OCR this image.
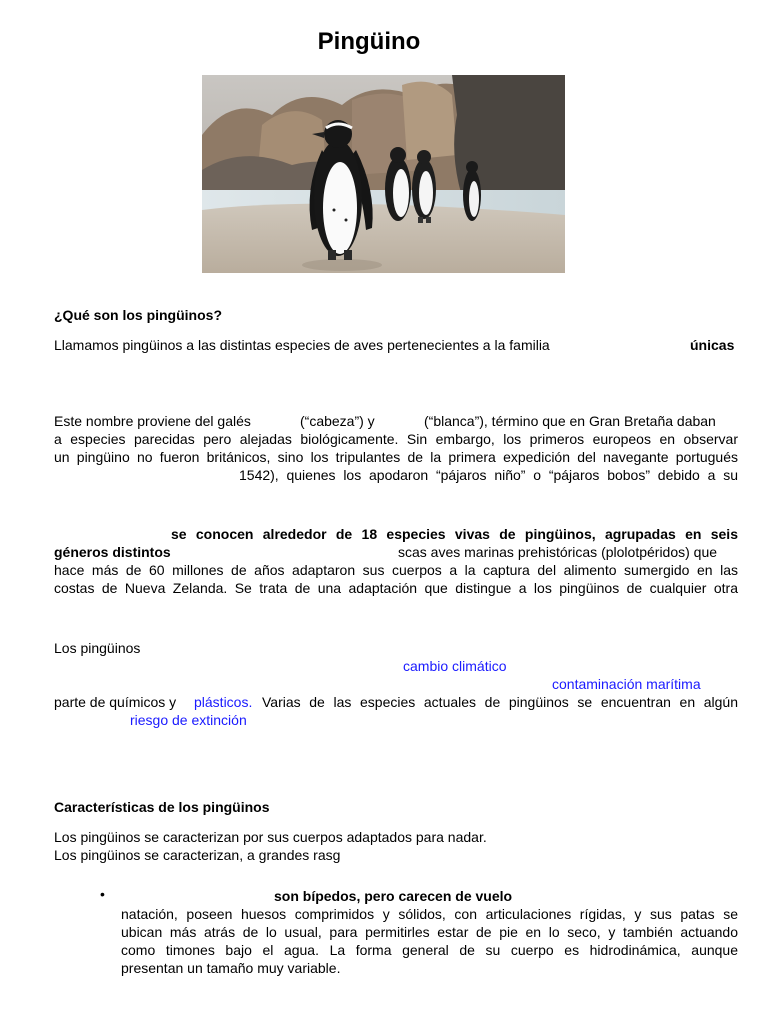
Pingüino
¿Qué son los pingüinos?
Llamamos pingüinos a las distintas especies de aves pertenecientes a la familia	únicas
Este nombre proviene del galés	(“cabeza”) y	(“blanca”), término que en Gran Bretaña daban
a especies parecidas pero alejadas biológicamente. Sin embargo, los primeros europeos en observar
un pingüino no fueron británicos, sino los tripulantes de la primera expedición del navegante portugués
1542), quienes los apodaron “pájaros niño” o “pájaros bobos” debido a su
se conocen alrededor de 18 especies vivas de pingüinos, agrupadas en seis
géneros distintos	scas aves marinas prehistóricas (plolotpéridos) que
hace más de 60 millones de años adaptaron sus cuerpos a la captura del alimento sumergido en las
costas de Nueva Zelanda. Se trata de una adaptación que distingue a los pingüinos de cualquier otra
Los pingüinos
cambio climático
contaminación marítima
parte de químicos y plásticos. Varias de las especies actuales de pingüinos se encuentran en algún
riesgo de extinción
Características de los pingüinos
Los pingüinos se caracterizan por sus cuerpos adaptados para nadar.
Los pingüinos se caracterizan, a grandes rasg
•	son bípedos, pero carecen de vuelo
natación, poseen huesos comprimidos y sólidos, con articulaciones rígidas, y sus patas se
ubican más atrás de lo usual, para permitirles estar de pie en lo seco, y también actuando
como timones bajo el agua. La forma general de su cuerpo es hidrodinámica, aunque
presentan un tamaño muy variable.
